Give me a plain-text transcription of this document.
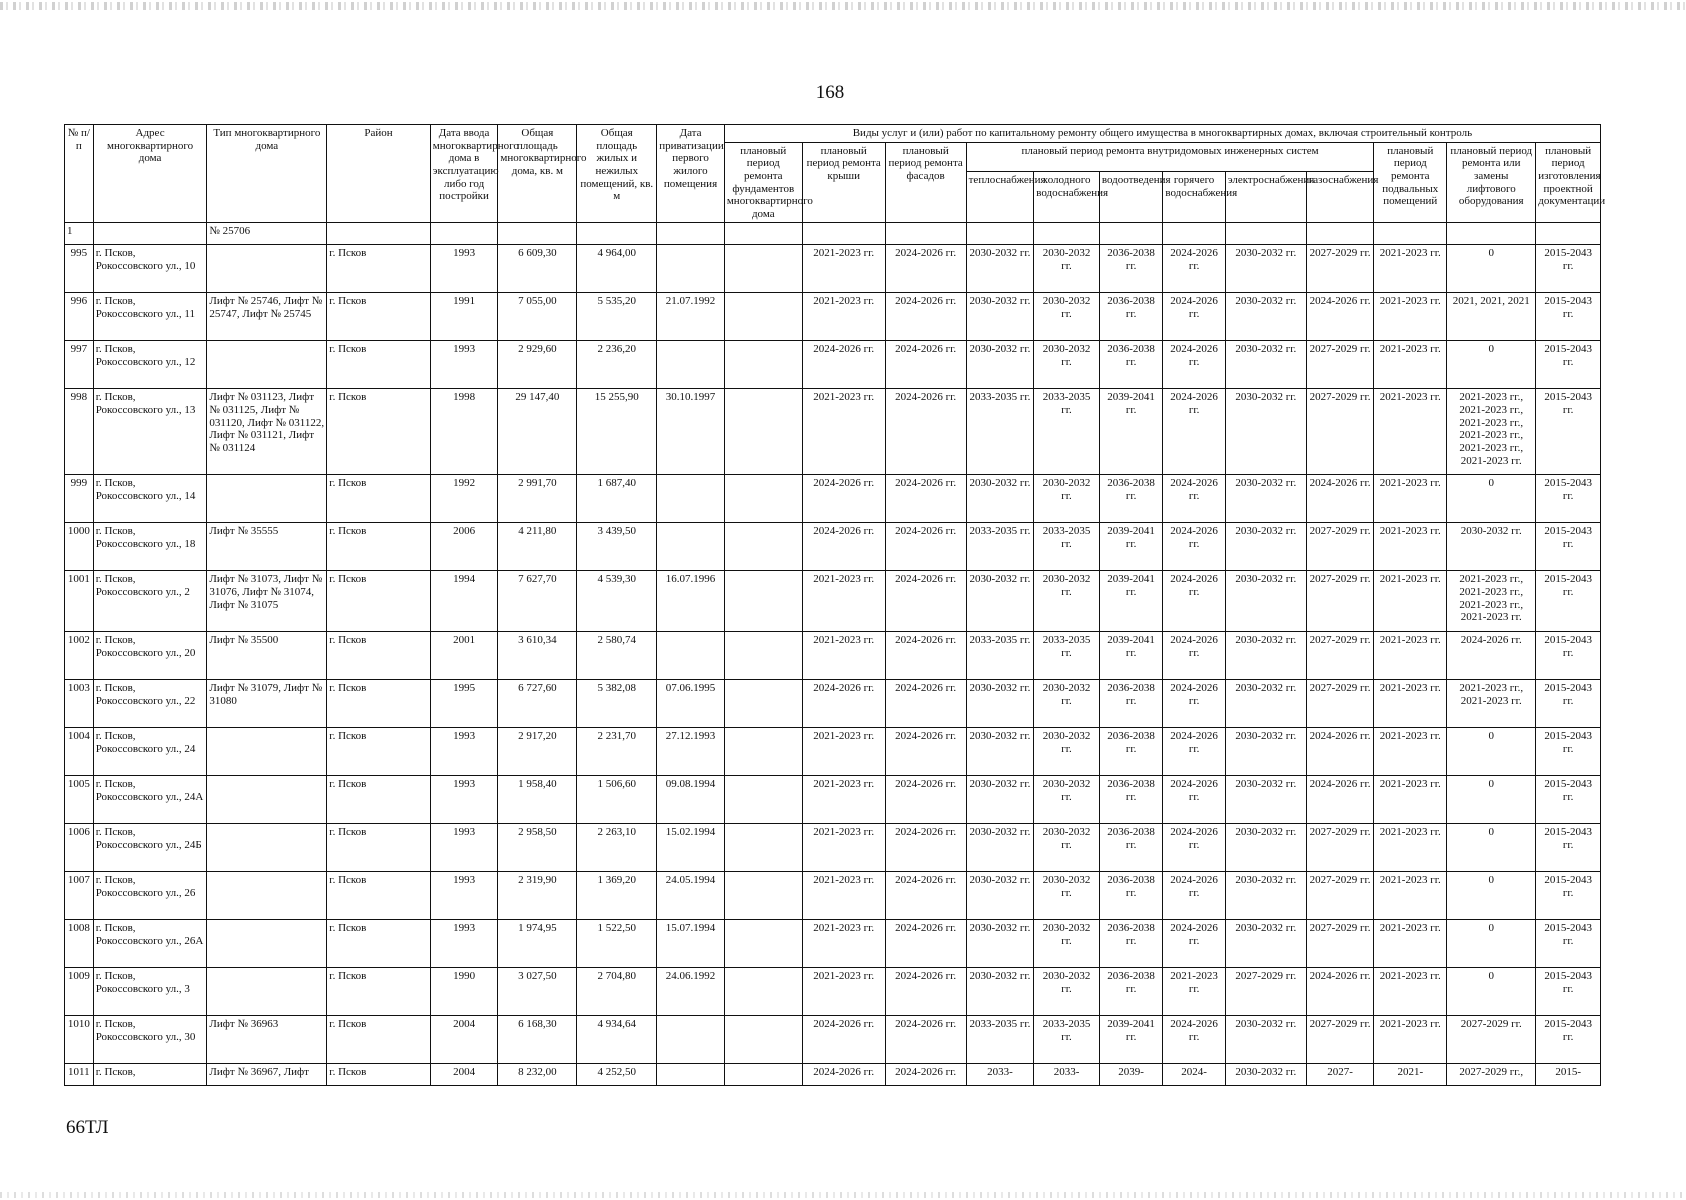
168
№ п/п	Адрес многоквартирного дома	Тип многоквартирного дома	Район	Дата ввода многоквартирного дома в эксплуатацию либо год постройки	Общая площадь многоквартирного дома, кв. м	Общая площадь жилых и нежилых помещений, кв. м	Дата приватизации первого жилого помещения	Виды услуг и (или) работ по капитальному ремонту общего имущества в многоквартирных домах, включая строительный контроль											
								плановый период ремонта фундаментов многоквартирного дома	плановый период ремонта крыши	плановый период ремонта фасадов	плановый период ремонта внутридомовых инженерных систем						плановый период ремонта подвальных помещений	плановый период ремонта или замены лифтового оборудования	плановый период изготовления проектной документации
											теплоснабжения	холодного водоснабжения	водоотведения	горячего водоснабжения	электроснабжения	газоснабжения			
1		№ 25706																	
995	г. Псков, Рокоссовского ул., 10		г. Псков	1993	6 609,30	4 964,00			2021-2023 гг.	2024-2026 гг.	2030-2032 гг.	2030-2032 гг.	2036-2038 гг.	2024-2026 гг.	2030-2032 гг.	2027-2029 гг.	2021-2023 гг.	0	2015-2043 гг.
996	г. Псков, Рокоссовского ул., 11	Лифт № 25746, Лифт № 25747, Лифт № 25745	г. Псков	1991	7 055,00	5 535,20	21.07.1992		2021-2023 гг.	2024-2026 гг.	2030-2032 гг.	2030-2032 гг.	2036-2038 гг.	2024-2026 гг.	2030-2032 гг.	2024-2026 гг.	2021-2023 гг.	2021, 2021, 2021	2015-2043 гг.
997	г. Псков, Рокоссовского ул., 12		г. Псков	1993	2 929,60	2 236,20			2024-2026 гг.	2024-2026 гг.	2030-2032 гг.	2030-2032 гг.	2036-2038 гг.	2024-2026 гг.	2030-2032 гг.	2027-2029 гг.	2021-2023 гг.	0	2015-2043 гг.
998	г. Псков, Рокоссовского ул., 13	Лифт № 031123, Лифт № 031125, Лифт № 031120, Лифт № 031122, Лифт № 031121, Лифт № 031124	г. Псков	1998	29 147,40	15 255,90	30.10.1997		2021-2023 гг.	2024-2026 гг.	2033-2035 гг.	2033-2035 гг.	2039-2041 гг.	2024-2026 гг.	2030-2032 гг.	2027-2029 гг.	2021-2023 гг.	2021-2023 гг., 2021-2023 гг., 2021-2023 гг., 2021-2023 гг., 2021-2023 гг., 2021-2023 гг.	2015-2043 гг.
999	г. Псков, Рокоссовского ул., 14		г. Псков	1992	2 991,70	1 687,40			2024-2026 гг.	2024-2026 гг.	2030-2032 гг.	2030-2032 гг.	2036-2038 гг.	2024-2026 гг.	2030-2032 гг.	2024-2026 гг.	2021-2023 гг.	0	2015-2043 гг.
1000	г. Псков, Рокоссовского ул., 18	Лифт № 35555	г. Псков	2006	4 211,80	3 439,50			2024-2026 гг.	2024-2026 гг.	2033-2035 гг.	2033-2035 гг.	2039-2041 гг.	2024-2026 гг.	2030-2032 гг.	2027-2029 гг.	2021-2023 гг.	2030-2032 гг.	2015-2043 гг.
1001	г. Псков, Рокоссовского ул., 2	Лифт № 31073, Лифт № 31076, Лифт № 31074, Лифт № 31075	г. Псков	1994	7 627,70	4 539,30	16.07.1996		2021-2023 гг.	2024-2026 гг.	2030-2032 гг.	2030-2032 гг.	2039-2041 гг.	2024-2026 гг.	2030-2032 гг.	2027-2029 гг.	2021-2023 гг.	2021-2023 гг., 2021-2023 гг., 2021-2023 гг., 2021-2023 гг.	2015-2043 гг.
1002	г. Псков, Рокоссовского ул., 20	Лифт № 35500	г. Псков	2001	3 610,34	2 580,74			2021-2023 гг.	2024-2026 гг.	2033-2035 гг.	2033-2035 гг.	2039-2041 гг.	2024-2026 гг.	2030-2032 гг.	2027-2029 гг.	2021-2023 гг.	2024-2026 гг.	2015-2043 гг.
1003	г. Псков, Рокоссовского ул., 22	Лифт № 31079, Лифт № 31080	г. Псков	1995	6 727,60	5 382,08	07.06.1995		2024-2026 гг.	2024-2026 гг.	2030-2032 гг.	2030-2032 гг.	2036-2038 гг.	2024-2026 гг.	2030-2032 гг.	2027-2029 гг.	2021-2023 гг.	2021-2023 гг., 2021-2023 гг.	2015-2043 гг.
1004	г. Псков, Рокоссовского ул., 24		г. Псков	1993	2 917,20	2 231,70	27.12.1993		2021-2023 гг.	2024-2026 гг.	2030-2032 гг.	2030-2032 гг.	2036-2038 гг.	2024-2026 гг.	2030-2032 гг.	2024-2026 гг.	2021-2023 гг.	0	2015-2043 гг.
1005	г. Псков, Рокоссовского ул., 24А		г. Псков	1993	1 958,40	1 506,60	09.08.1994		2021-2023 гг.	2024-2026 гг.	2030-2032 гг.	2030-2032 гг.	2036-2038 гг.	2024-2026 гг.	2030-2032 гг.	2024-2026 гг.	2021-2023 гг.	0	2015-2043 гг.
1006	г. Псков, Рокоссовского ул., 24Б		г. Псков	1993	2 958,50	2 263,10	15.02.1994		2021-2023 гг.	2024-2026 гг.	2030-2032 гг.	2030-2032 гг.	2036-2038 гг.	2024-2026 гг.	2030-2032 гг.	2027-2029 гг.	2021-2023 гг.	0	2015-2043 гг.
1007	г. Псков, Рокоссовского ул., 26		г. Псков	1993	2 319,90	1 369,20	24.05.1994		2021-2023 гг.	2024-2026 гг.	2030-2032 гг.	2030-2032 гг.	2036-2038 гг.	2024-2026 гг.	2030-2032 гг.	2027-2029 гг.	2021-2023 гг.	0	2015-2043 гг.
1008	г. Псков, Рокоссовского ул., 26А		г. Псков	1993	1 974,95	1 522,50	15.07.1994		2021-2023 гг.	2024-2026 гг.	2030-2032 гг.	2030-2032 гг.	2036-2038 гг.	2024-2026 гг.	2030-2032 гг.	2027-2029 гг.	2021-2023 гг.	0	2015-2043 гг.
1009	г. Псков, Рокоссовского ул., 3		г. Псков	1990	3 027,50	2 704,80	24.06.1992		2021-2023 гг.	2024-2026 гг.	2030-2032 гг.	2030-2032 гг.	2036-2038 гг.	2021-2023 гг.	2027-2029 гг.	2024-2026 гг.	2021-2023 гг.	0	2015-2043 гг.
1010	г. Псков, Рокоссовского ул., 30	Лифт № 36963	г. Псков	2004	6 168,30	4 934,64			2024-2026 гг.	2024-2026 гг.	2033-2035 гг.	2033-2035 гг.	2039-2041 гг.	2024-2026 гг.	2030-2032 гг.	2027-2029 гг.	2021-2023 гг.	2027-2029 гг.	2015-2043 гг.
1011	г. Псков,	Лифт № 36967, Лифт	г. Псков	2004	8 232,00	4 252,50			2024-2026 гг.	2024-2026 гг.	2033-	2033-	2039-	2024-	2030-2032 гг.	2027-	2021-	2027-2029 гг.,	2015-
66ТЛ
